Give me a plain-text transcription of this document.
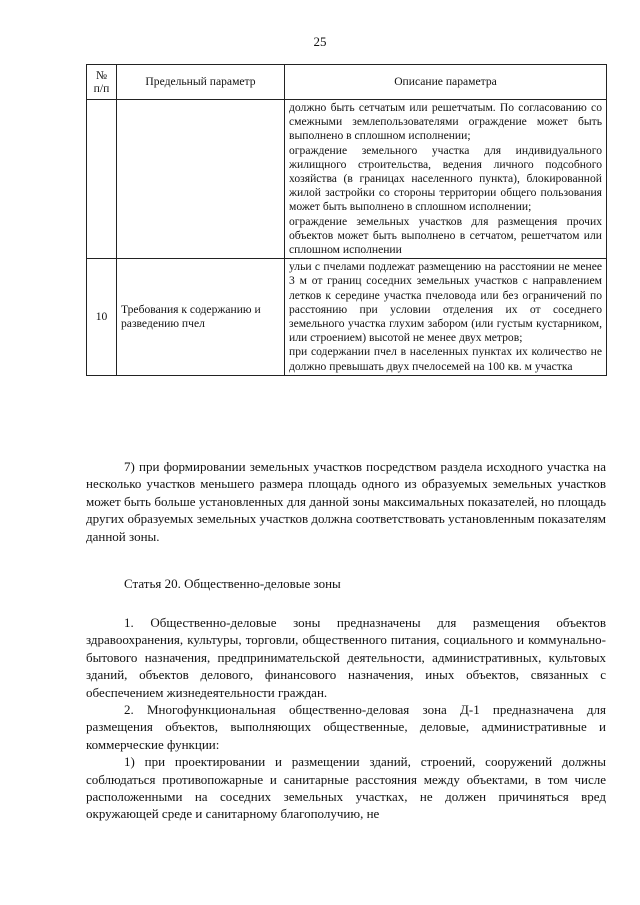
25
№
п/п	Предельный параметр	Описание параметра

		должно быть сетчатым или решетчатым. По согласованию со смежными землепользователями ограждение может быть выполнено в сплошном исполнении;

ограждение земельного участка для индивидуального жилищного строительства, ведения личного подсобного хозяйства (в границах населенного пункта), блокированной жилой застройки со стороны территории общего пользования может быть выполнено в сплошном исполнении;

ограждение земельных участков для размещения прочих объектов может быть выполнено в сетчатом, решетчатом или сплошном исполнении

10	Требования к содержанию и разведению пчел	ульи с пчелами подлежат размещению на расстоянии не менее 3 м от границ соседних земельных участков с направлением летков к середине участка пчеловода или без ограничений по расстоянию при условии отделения их от соседнего земельного участка глухим забором (или густым кустарником, или строением) высотой не менее двух метров;

при содержании пчел в населенных пунктах их количество не должно превышать двух пчелосемей на 100 кв. м участка

7) при формировании земельных участков посредством раздела исходного участка на несколько участков меньшего размера площадь одного из образуемых земельных участков может быть больше установленных для данной зоны максимальных показателей, но площадь других образуемых земельных участков должна соответствовать установленным показателям данной зоны.

Статья 20. Общественно-деловые зоны

1. Общественно-деловые зоны предназначены для размещения объектов здравоохранения, культуры, торговли, общественного питания, социального и коммунально-бытового назначения, предпринимательской деятельности, административных, культовых зданий, объектов делового, финансового назначения, иных объектов, связанных с обеспечением жизнедеятельности граждан.

2. Многофункциональная общественно-деловая зона Д-1 предназначена для размещения объектов, выполняющих общественные, деловые, административные и коммерческие функции:

1) при проектировании и размещении зданий, строений, сооружений должны соблюдаться противопожарные и санитарные расстояния между объектами, в том числе расположенными на соседних земельных участках, не должен причиняться вред окружающей среде и санитарному благополучию, не
